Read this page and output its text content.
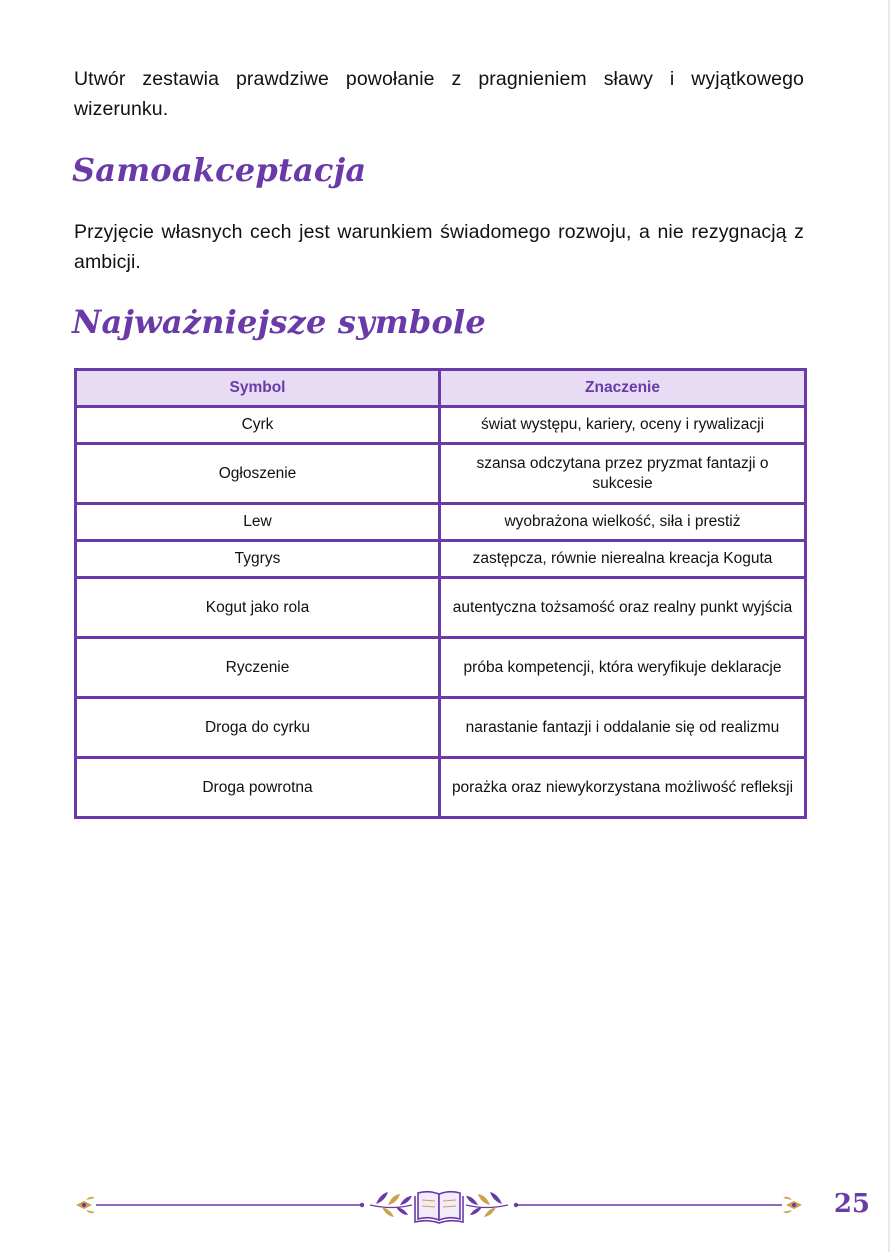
Utwór zestawia prawdziwe powołanie z pragnieniem sławy i wyjątkowego wizerunku.

Samoakceptacja

Przyjęcie własnych cech jest warunkiem świadomego rozwoju, a nie rezygnacją z ambicji.

Najważniejsze symbole
Symbol	Znaczenie
Cyrk	świat występu, kariery, oceny i rywalizacji
Ogłoszenie	szansa odczytana przez pryzmat fantazji o sukcesie
Lew	wyobrażona wielkość, siła i prestiż
Tygrys	zastępcza, równie nierealna kreacja Koguta
Kogut jako rola	autentyczna tożsamość oraz realny punkt wyjścia
Ryczenie	próba kompetencji, która weryfikuje deklaracje
Droga do cyrku	narastanie fantazji i oddalanie się od realizmu
Droga powrotna	porażka oraz niewykorzystana możliwość refleksji
25
